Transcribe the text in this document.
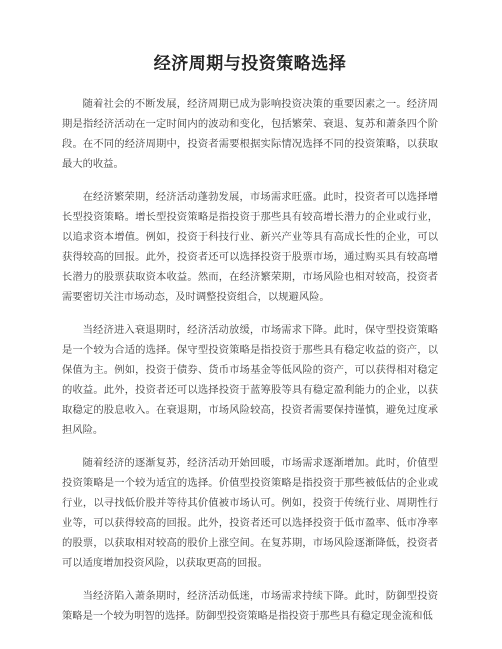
经济周期与投资策略选择

随着社会的不断发展，经济周期已成为影响投资决策的重要因素之一。经济周期是指经济活动在一定时间内的波动和变化，包括繁荣、衰退、复苏和萧条四个阶段。在不同的经济周期中，投资者需要根据实际情况选择不同的投资策略，以获取最大的收益。

在经济繁荣期，经济活动蓬勃发展，市场需求旺盛。此时，投资者可以选择增长型投资策略。增长型投资策略是指投资于那些具有较高增长潜力的企业或行业，以追求资本增值。例如，投资于科技行业、新兴产业等具有高成长性的企业，可以获得较高的回报。此外，投资者还可以选择投资于股票市场，通过购买具有较高增长潜力的股票获取资本收益。然而，在经济繁荣期，市场风险也相对较高，投资者需要密切关注市场动态，及时调整投资组合，以规避风险。

当经济进入衰退期时，经济活动放缓，市场需求下降。此时，保守型投资策略是一个较为合适的选择。保守型投资策略是指投资于那些具有稳定收益的资产，以保值为主。例如，投资于债券、货币市场基金等低风险的资产，可以获得相对稳定的收益。此外，投资者还可以选择投资于蓝筹股等具有稳定盈利能力的企业，以获取稳定的股息收入。在衰退期，市场风险较高，投资者需要保持谨慎，避免过度承担风险。

随着经济的逐渐复苏，经济活动开始回暖，市场需求逐渐增加。此时，价值型投资策略是一个较为适宜的选择。价值型投资策略是指投资于那些被低估的企业或行业，以寻找低价股并等待其价值被市场认可。例如，投资于传统行业、周期性行业等，可以获得较高的回报。此外，投资者还可以选择投资于低市盈率、低市净率的股票，以获取相对较高的股价上涨空间。在复苏期，市场风险逐渐降低，投资者可以适度增加投资风险，以获取更高的回报。

当经济陷入萧条期时，经济活动低迷，市场需求持续下降。此时，防御型投资策略是一个较为明智的选择。防御型投资策略是指投资于那些具有稳定现金流和低
